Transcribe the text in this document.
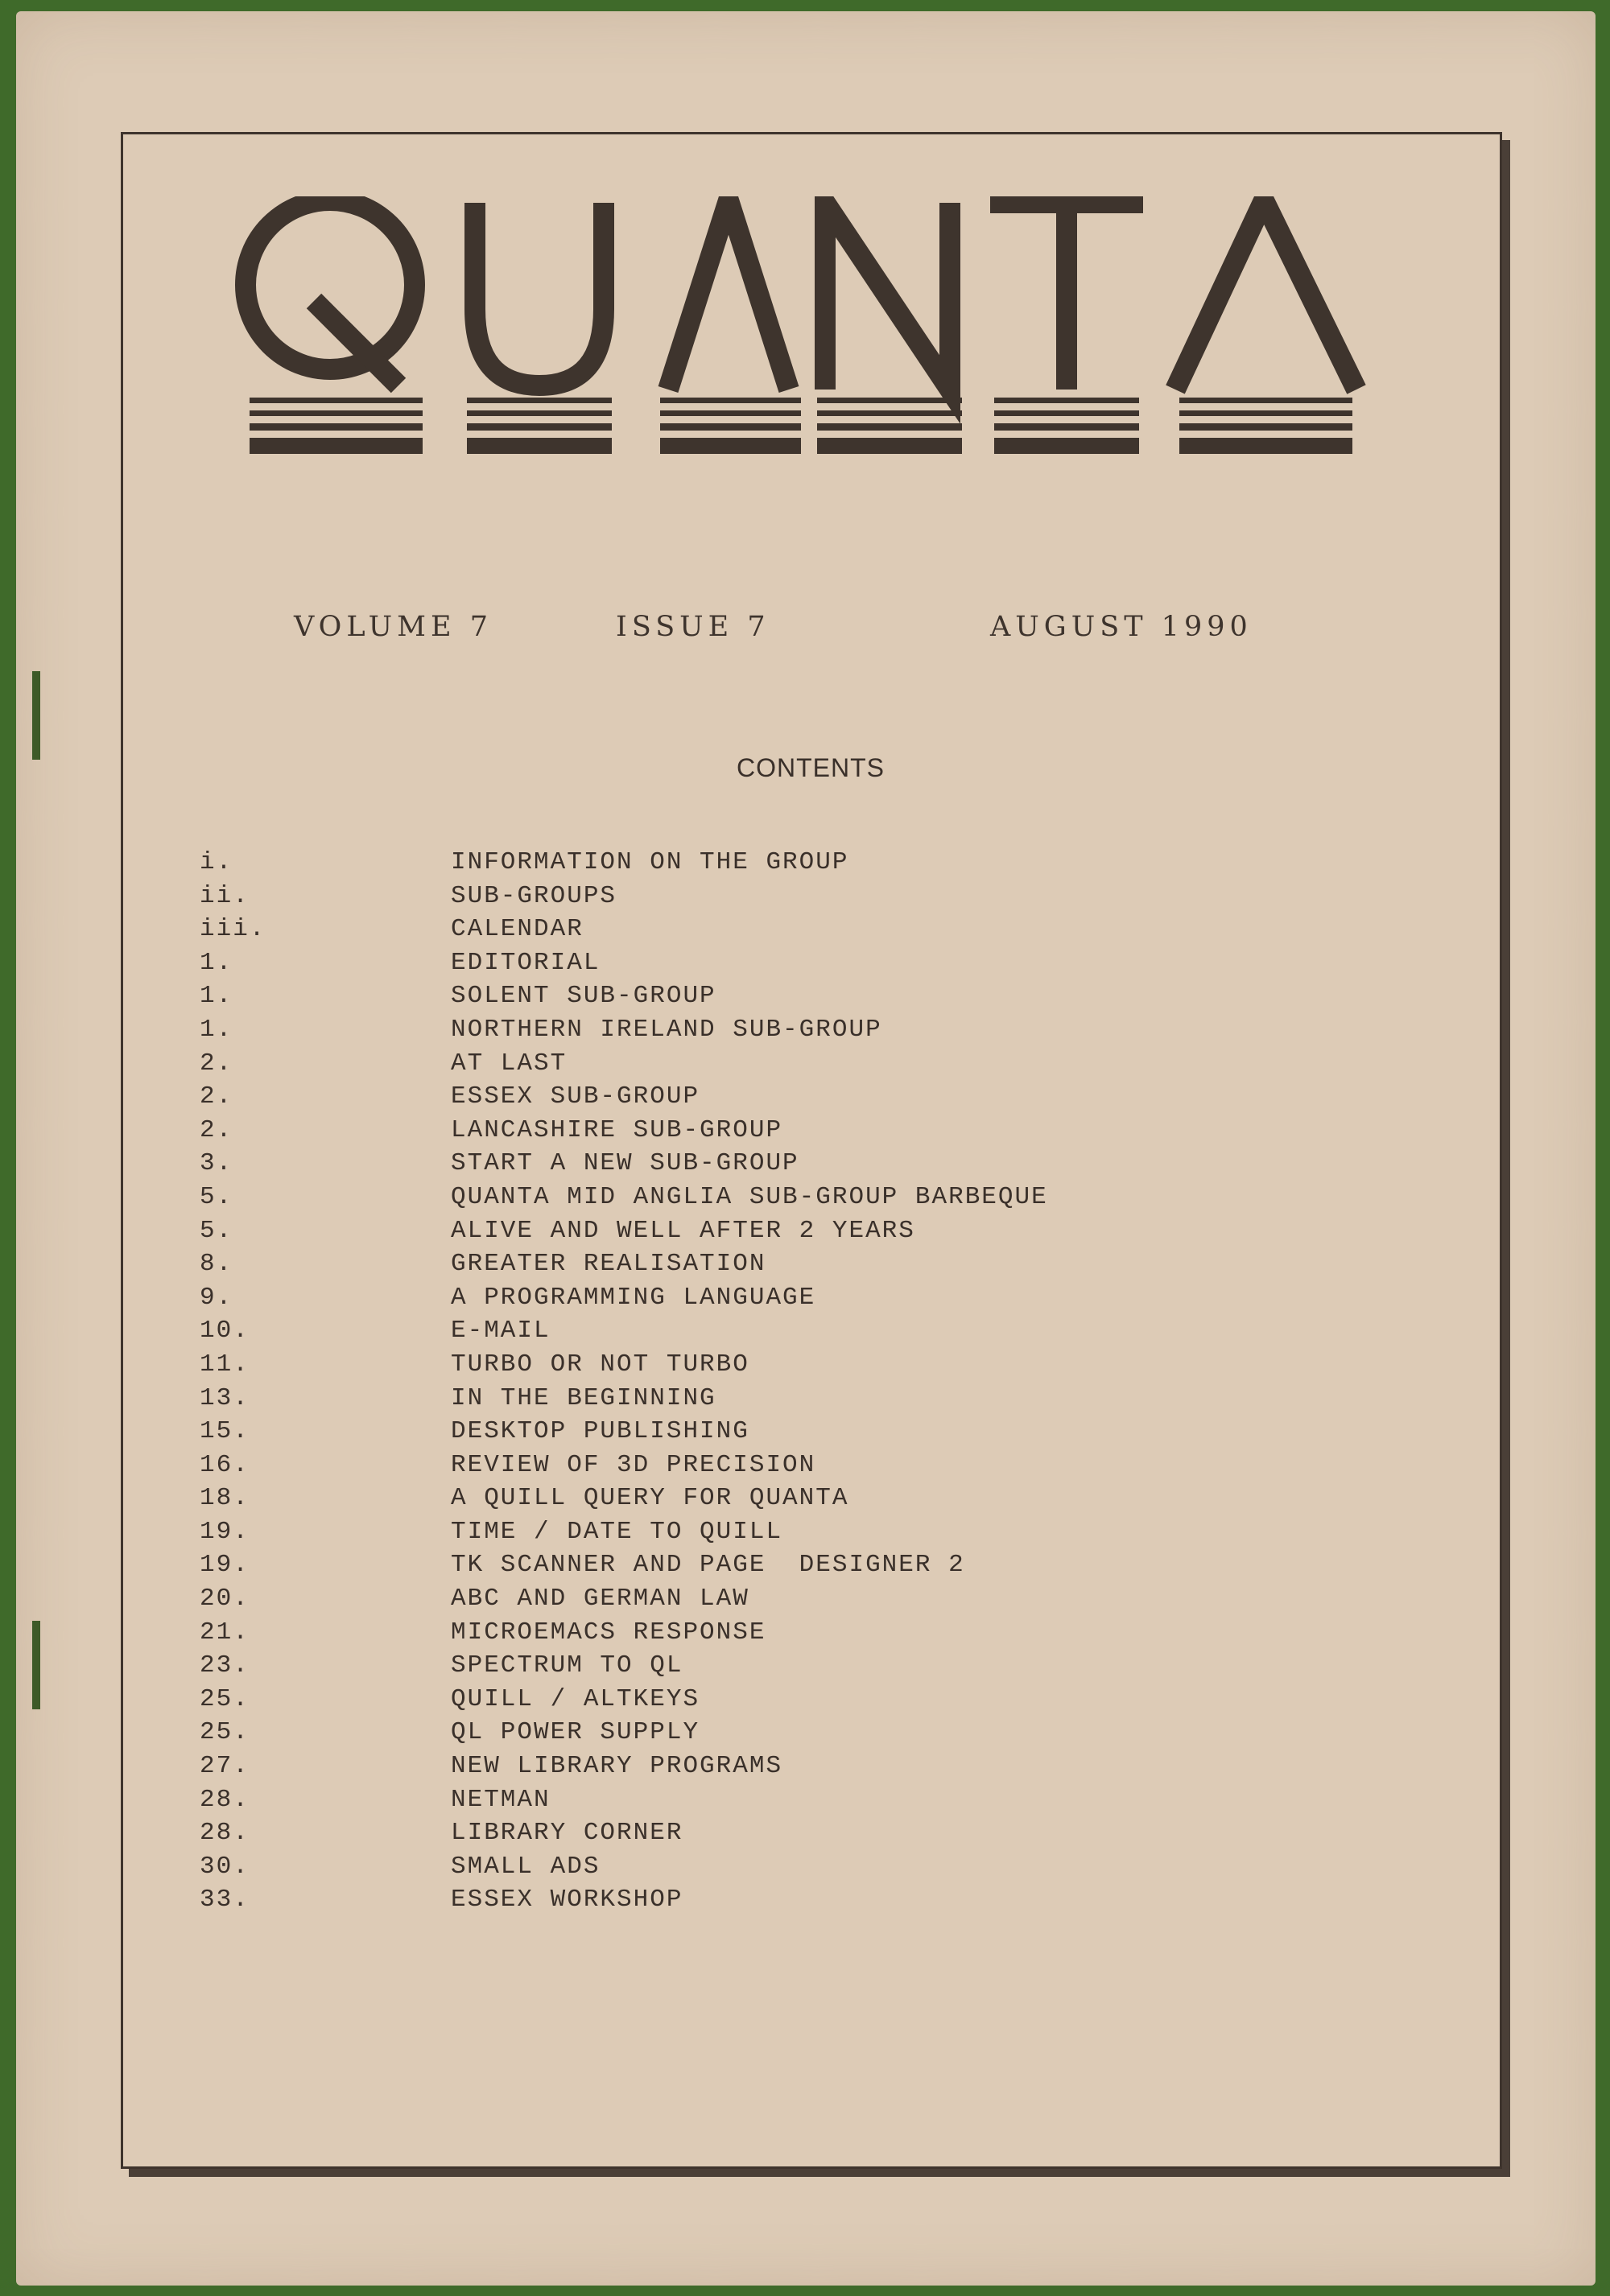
QUANTA
VOLUME 7	ISSUE 7	AUGUST 1990
CONTENTS
i.	INFORMATION ON THE GROUP
ii.	SUB-GROUPS
iii.	CALENDAR
1.	EDITORIAL
1.	SOLENT SUB-GROUP
1.	NORTHERN IRELAND SUB-GROUP
2.	AT LAST
2.	ESSEX SUB-GROUP
2.	LANCASHIRE SUB-GROUP
3.	START A NEW SUB-GROUP
5.	QUANTA MID ANGLIA SUB-GROUP BARBEQUE
5.	ALIVE AND WELL AFTER 2 YEARS
8.	GREATER REALISATION
9.	A PROGRAMMING LANGUAGE
10.	E-MAIL
11.	TURBO OR NOT TURBO
13.	IN THE BEGINNING
15.	DESKTOP PUBLISHING
16.	REVIEW OF 3D PRECISION
18.	A QUILL QUERY FOR QUANTA
19.	TIME / DATE TO QUILL
19.	TK SCANNER AND PAGE  DESIGNER 2
20.	ABC AND GERMAN LAW
21.	MICROEMACS RESPONSE
23.	SPECTRUM TO QL
25.	QUILL / ALTKEYS
25.	QL POWER SUPPLY
27.	NEW LIBRARY PROGRAMS
28.	NETMAN
28.	LIBRARY CORNER
30.	SMALL ADS
33.	ESSEX WORKSHOP
